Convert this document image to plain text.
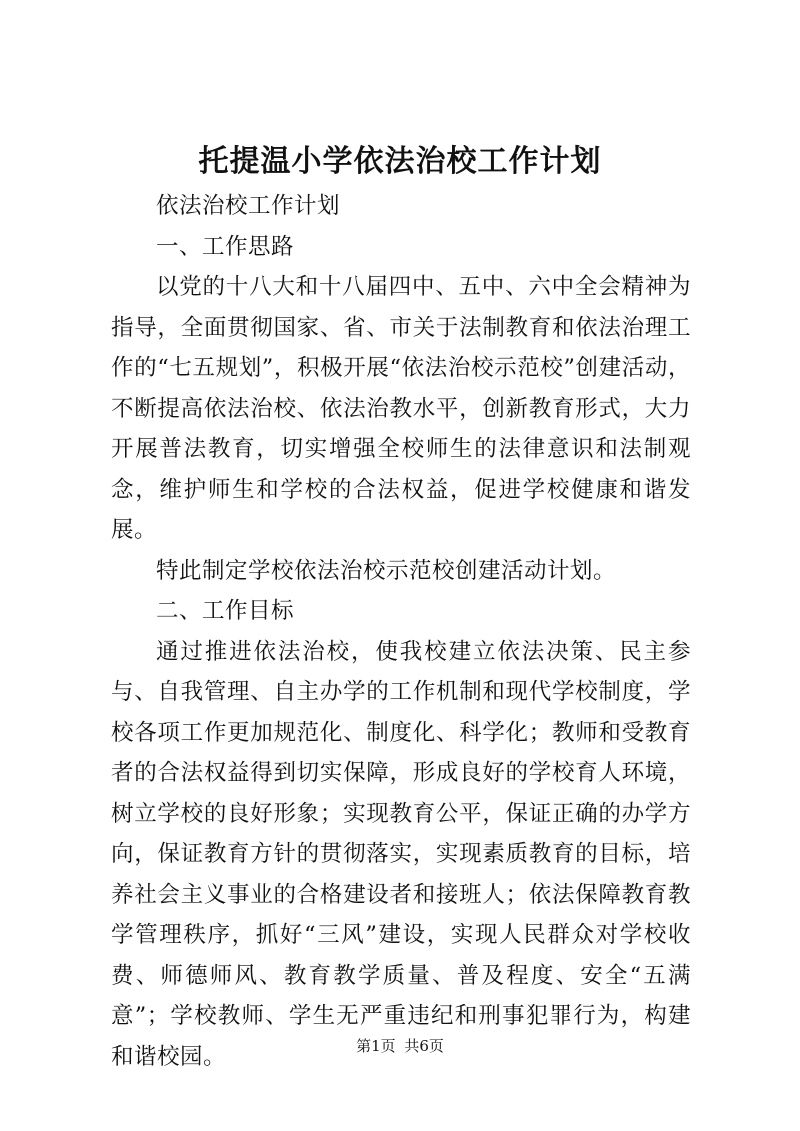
托提温小学依法治校工作计划

依法治校工作计划

一、工作思路

以党的十八大和十八届四中、五中、六中全会精神为指导，全面贯彻国家、省、市关于法制教育和依法治理工作的“七五规划”，积极开展“依法治校示范校”创建活动，不断提高依法治校、依法治教水平，创新教育形式，大力开展普法教育，切实增强全校师生的法律意识和法制观念，维护师生和学校的合法权益，促进学校健康和谐发展。

特此制定学校依法治校示范校创建活动计划。

二、工作目标

通过推进依法治校，使我校建立依法决策、民主参与、自我管理、自主办学的工作机制和现代学校制度，学校各项工作更加规范化、制度化、科学化；教师和受教育者的合法权益得到切实保障，形成良好的学校育人环境，树立学校的良好形象；实现教育公平，保证正确的办学方向，保证教育方针的贯彻落实，实现素质教育的目标，培养社会主义事业的合格建设者和接班人；依法保障教育教学管理秩序，抓好“三风”建设，实现人民群众对学校收费、师德师风、教育教学质量、普及程度、安全“五满意”；学校教师、学生无严重违纪和刑事犯罪行为，构建和谐校园。	第1页 共6页
